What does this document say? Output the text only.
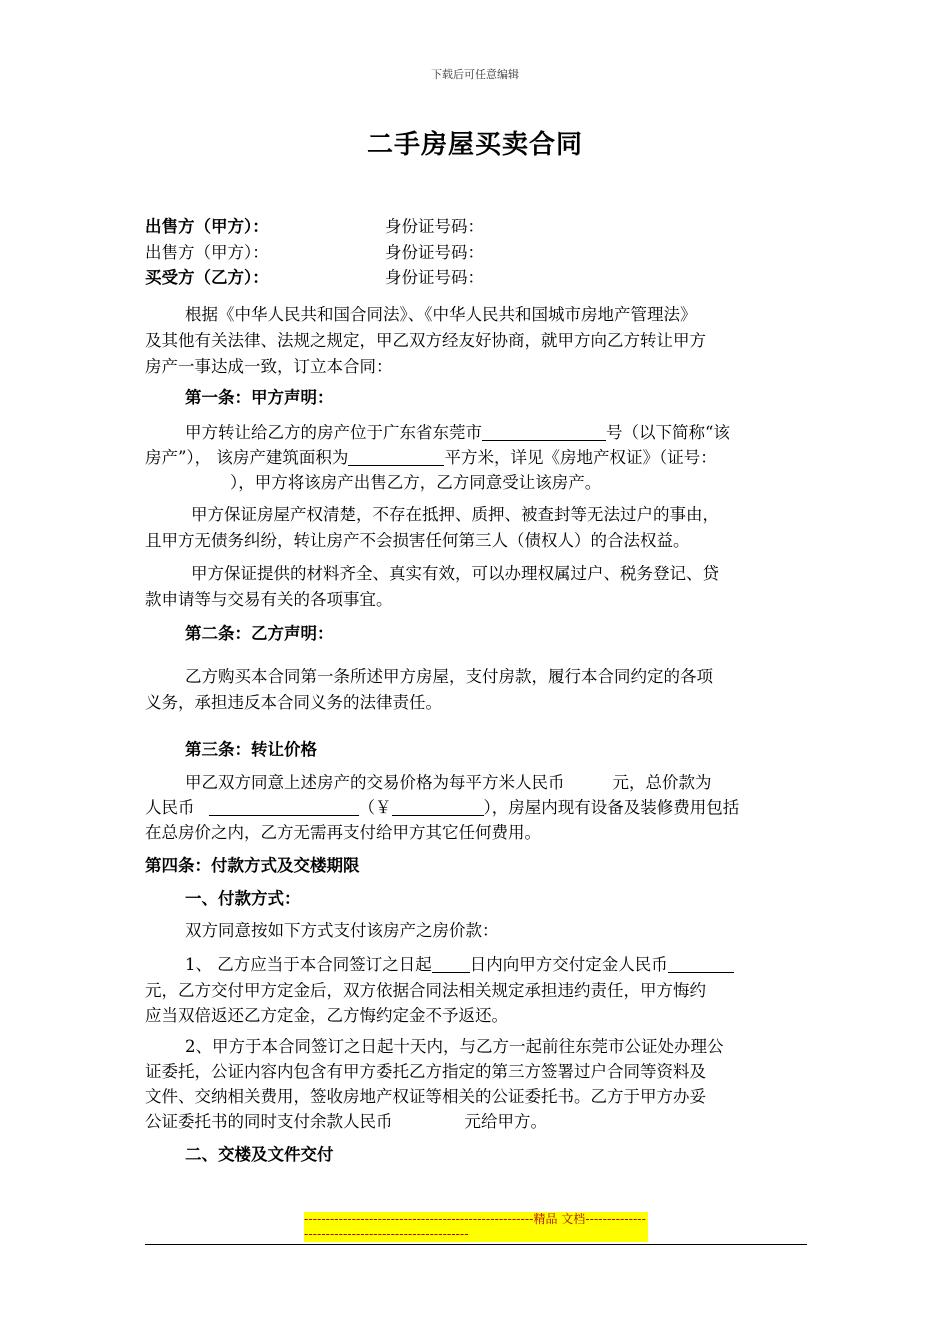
下载后可任意编辑
二手房屋买卖合同
出售方（甲方）：	身份证号码：
出售方（甲方）：	身份证号码：
买受方（乙方）：	身份证号码：
根据《中华人民共和国合同法》、《中华人民共和国城市房地产管理法》
及其他有关法律、法规之规定，甲乙双方经友好协商，就甲方向乙方转让甲方
房产一事达成一致，订立本合同：
第一条：甲方声明：
甲方转让给乙方的房产位于广东省东莞市	号（以下简称“该
房产”）， 该房产建筑面积为	平方米，详见《房地产权证》（证号：
），甲方将该房产出售乙方，乙方同意受让该房产。
甲方保证房屋产权清楚，不存在抵押、质押、被查封等无法过户的事由，
且甲方无债务纠纷，转让房产不会损害任何第三人（债权人）的合法权益。
甲方保证提供的材料齐全、真实有效，可以办理权属过户、税务登记、贷
款申请等与交易有关的各项事宜。
第二条：乙方声明：
乙方购买本合同第一条所述甲方房屋，支付房款，履行本合同约定的各项
义务，承担违反本合同义务的法律责任。
第三条：转让价格
甲乙双方同意上述房产的交易价格为每平方米人民币	元，总价款为
人民币	（￥	），房屋内现有设备及装修费用包括
在总房价之内，乙方无需再支付给甲方其它任何费用。
第四条：付款方式及交楼期限
一、付款方式：
双方同意按如下方式支付该房产之房价款：
1、 乙方应当于本合同签订之日起 日内向甲方交付定金人民币
元，乙方交付甲方定金后，双方依据合同法相关规定承担违约责任，甲方悔约
应当双倍返还乙方定金，乙方悔约定金不予返还。
2、甲方于本合同签订之日起十天内，与乙方一起前往东莞市公证处办理公
证委托，公证内容内包含有甲方委托乙方指定的第三方签署过户合同等资料及
文件、交纳相关费用，签收房地产权证等相关的公证委托书。乙方于甲方办妥
公证委托书的同时支付余款人民币	元给甲方。
二、交楼及文件交付
-----------------------------------------------------精品 文档----------------------------------------------------
